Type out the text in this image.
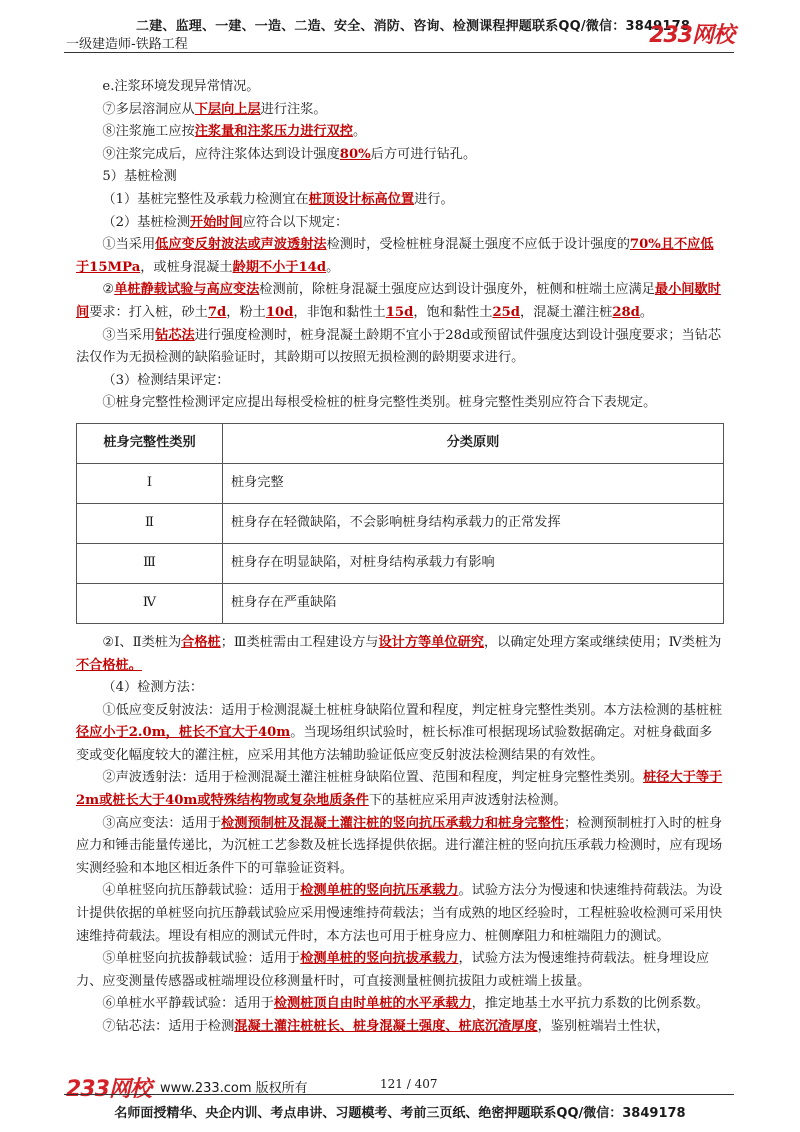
二建、监理、一建、一造、二造、安全、消防、咨询、检测课程押题联系QQ/微信：3849178
一级建造师-铁路工程	233网校

e.注浆环境发现异常情况。

⑦多层溶洞应从下层向上层进行注浆。

⑧注浆施工应按注浆量和注浆压力进行双控。

⑨注浆完成后，应待注浆体达到设计强度80%后方可进行钻孔。

5）基桩检测

（1）基桩完整性及承载力检测宜在桩顶设计标高位置进行。

（2）基桩检测开始时间应符合以下规定：

①当采用低应变反射波法或声波透射法检测时，受检桩桩身混凝土强度不应低于设计强度的70%且不应低于15MPa，或桩身混凝土龄期不小于14d。

②单桩静载试验与高应变法检测前，除桩身混凝土强度应达到设计强度外，桩侧和桩端土应满足最小间歇时间要求：打入桩，砂土7d，粉土10d，非饱和黏性土15d，饱和黏性土25d，混凝土灌注桩28d。

③当采用钻芯法进行强度检测时，桩身混凝土龄期不宜小于28d或预留试件强度达到设计强度要求；当钻芯法仅作为无损检测的缺陷验证时，其龄期可以按照无损检测的龄期要求进行。

（3）检测结果评定：

①桩身完整性检测评定应提出每根受检桩的桩身完整性类别。桩身完整性类别应符合下表规定。

桩身完整性类别	分类原则
Ⅰ	桩身完整
Ⅱ	桩身存在轻微缺陷，不会影响桩身结构承载力的正常发挥
Ⅲ	桩身存在明显缺陷，对桩身结构承载力有影响
Ⅳ	桩身存在严重缺陷

②Ⅰ、Ⅱ类桩为合格桩；Ⅲ类桩需由工程建设方与设计方等单位研究，以确定处理方案或继续使用；Ⅳ类桩为不合格桩。

（4）检测方法：

①低应变反射波法：适用于检测混凝土桩桩身缺陷位置和程度，判定桩身完整性类别。本方法检测的基桩桩径应小于2.0m，桩长不宜大于40m。当现场组织试验时，桩长标准可根据现场试验数据确定。对桩身截面多变或变化幅度较大的灌注桩，应采用其他方法辅助验证低应变反射波法检测结果的有效性。

②声波透射法：适用于检测混凝土灌注桩桩身缺陷位置、范围和程度，判定桩身完整性类别。桩径大于等于2m或桩长大于40m或特殊结构物或复杂地质条件下的基桩应采用声波透射法检测。

③高应变法：适用于检测预制桩及混凝土灌注桩的竖向抗压承载力和桩身完整性；检测预制桩打入时的桩身应力和锤击能量传递比，为沉桩工艺参数及桩长选择提供依据。进行灌注桩的竖向抗压承载力检测时，应有现场实测经验和本地区相近条件下的可靠验证资料。

④单桩竖向抗压静载试验：适用于检测单桩的竖向抗压承载力。试验方法分为慢速和快速维持荷载法。为设计提供依据的单桩竖向抗压静载试验应采用慢速维持荷载法；当有成熟的地区经验时，工程桩验收检测可采用快速维持荷载法。埋设有相应的测试元件时，本方法也可用于桩身应力、桩侧摩阻力和桩端阻力的测试。

⑤单桩竖向抗拔静载试验：适用于检测单桩的竖向抗拔承载力，试验方法为慢速维持荷载法。桩身埋设应力、应变测量传感器或桩端埋设位移测量杆时，可直接测量桩侧抗拔阻力或桩端上拔量。

⑥单桩水平静载试验：适用于检测桩顶自由时单桩的水平承载力，推定地基土水平抗力系数的比例系数。

⑦钻芯法：适用于检测混凝土灌注桩桩长、桩身混凝土强度、桩底沉渣厚度，鉴别桩端岩土性状，

233网校 www.233.com 版权所有	121 / 407
名师面授精华、央企内训、考点串讲、习题模考、考前三页纸、绝密押题联系QQ/微信：3849178
